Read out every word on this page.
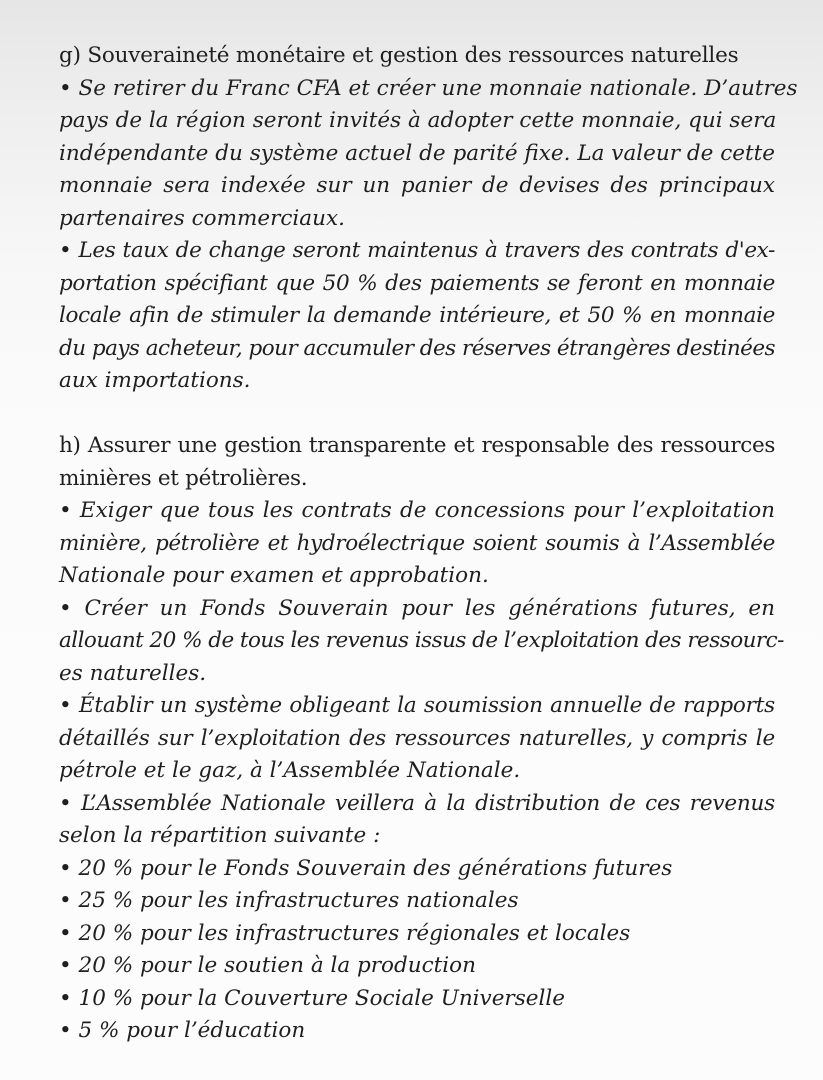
g) Souveraineté monétaire et gestion des ressources naturelles
• Se retirer du Franc CFA et créer une monnaie nationale. D’autres
pays de la région seront invités à adopter cette monnaie, qui sera
indépendante du système actuel de parité fixe. La valeur de cette
monnaie sera indexée sur un panier de devises des principaux
partenaires commerciaux.
• Les taux de change seront maintenus à travers des contrats d'ex-
portation spécifiant que 50 % des paiements se feront en monnaie
locale afin de stimuler la demande intérieure, et 50 % en monnaie
du pays acheteur, pour accumuler des réserves étrangères destinées
aux importations.
h) Assurer une gestion transparente et responsable des ressources
minières et pétrolières.
• Exiger que tous les contrats de concessions pour l’exploitation
minière, pétrolière et hydroélectrique soient soumis à l’Assemblée
Nationale pour examen et approbation.
• Créer un Fonds Souverain pour les générations futures, en
allouant 20 % de tous les revenus issus de l’exploitation des ressourc-
es naturelles.
• Établir un système obligeant la soumission annuelle de rapports
détaillés sur l’exploitation des ressources naturelles, y compris le
pétrole et le gaz, à l’Assemblée Nationale.
• L’Assemblée Nationale veillera à la distribution de ces revenus
selon la répartition suivante :
• 20 % pour le Fonds Souverain des générations futures
• 25 % pour les infrastructures nationales
• 20 % pour les infrastructures régionales et locales
• 20 % pour le soutien à la production
• 10 % pour la Couverture Sociale Universelle
• 5 % pour l’éducation
